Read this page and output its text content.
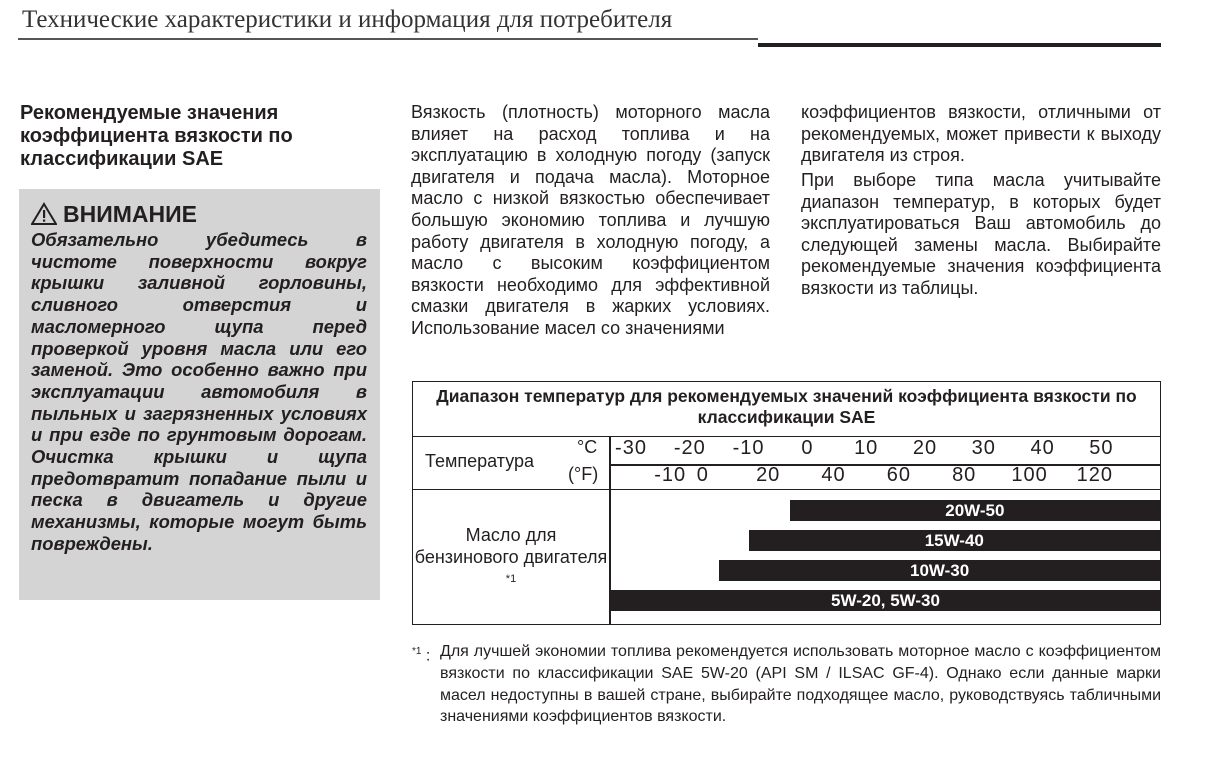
Технические характеристики и информация для потребителя
Рекомендуемые значения коэффициента вязкости по классификации SAE
ВНИМАНИЕ
Обязательно убедитесь в чистоте поверхности вокруг крышки заливной горловины, сливного отверстия и масломерного щупа перед проверкой уровня масла или его заменой. Это особенно важно при эксплуатации автомобиля в пыльных и загрязненных условиях и при езде по грунтовым дорогам. Очистка крышки и щупа предотвратит попадание пыли и песка в двигатель и другие механизмы, которые могут быть повреждены.
Вязкость (плотность) моторного масла влияет на расход топлива и на эксплуатацию в холодную погоду (запуск двигателя и подача масла). Моторное масло с низкой вязкостью обеспечивает большую экономию топлива и лучшую работу двигателя в холодную погоду, а масло с высоким коэффициентом вязкости необходимо для эффективной смазки двигателя в жарких условиях. Использование масел со значениями
коэффициентов вязкости, отличными от рекомендуемых, может привести к выходу двигателя из строя.
При выборе типа масла учитывайте диапазон температур, в которых будет эксплуатироваться Ваш автомобиль до следующей замены масла. Выбирайте рекомендуемые значения коэффициента вязкости из таблицы.
Диапазон температур для рекомендуемых значений коэффициента вязкости по классификации SAE
Температура
°C
(°F)
Масло для бензинового двигателя $^{*1}$
-30 -20 -10 0 10 20 30 40 50
-10 0 20 40 60 80 100 120
20W-50
15W-40
10W-30
5W-20, 5W-30
$^{*1}$ : Для лучшей экономии топлива рекомендуется использовать моторное масло с коэффициентом вязкости по классификации SAE 5W-20 (API SM / ILSAC GF-4). Однако если данные марки масел недоступны в вашей стране, выбирайте подходящее масло, руководствуясь табличными значениями коэффициентов вязкости.
